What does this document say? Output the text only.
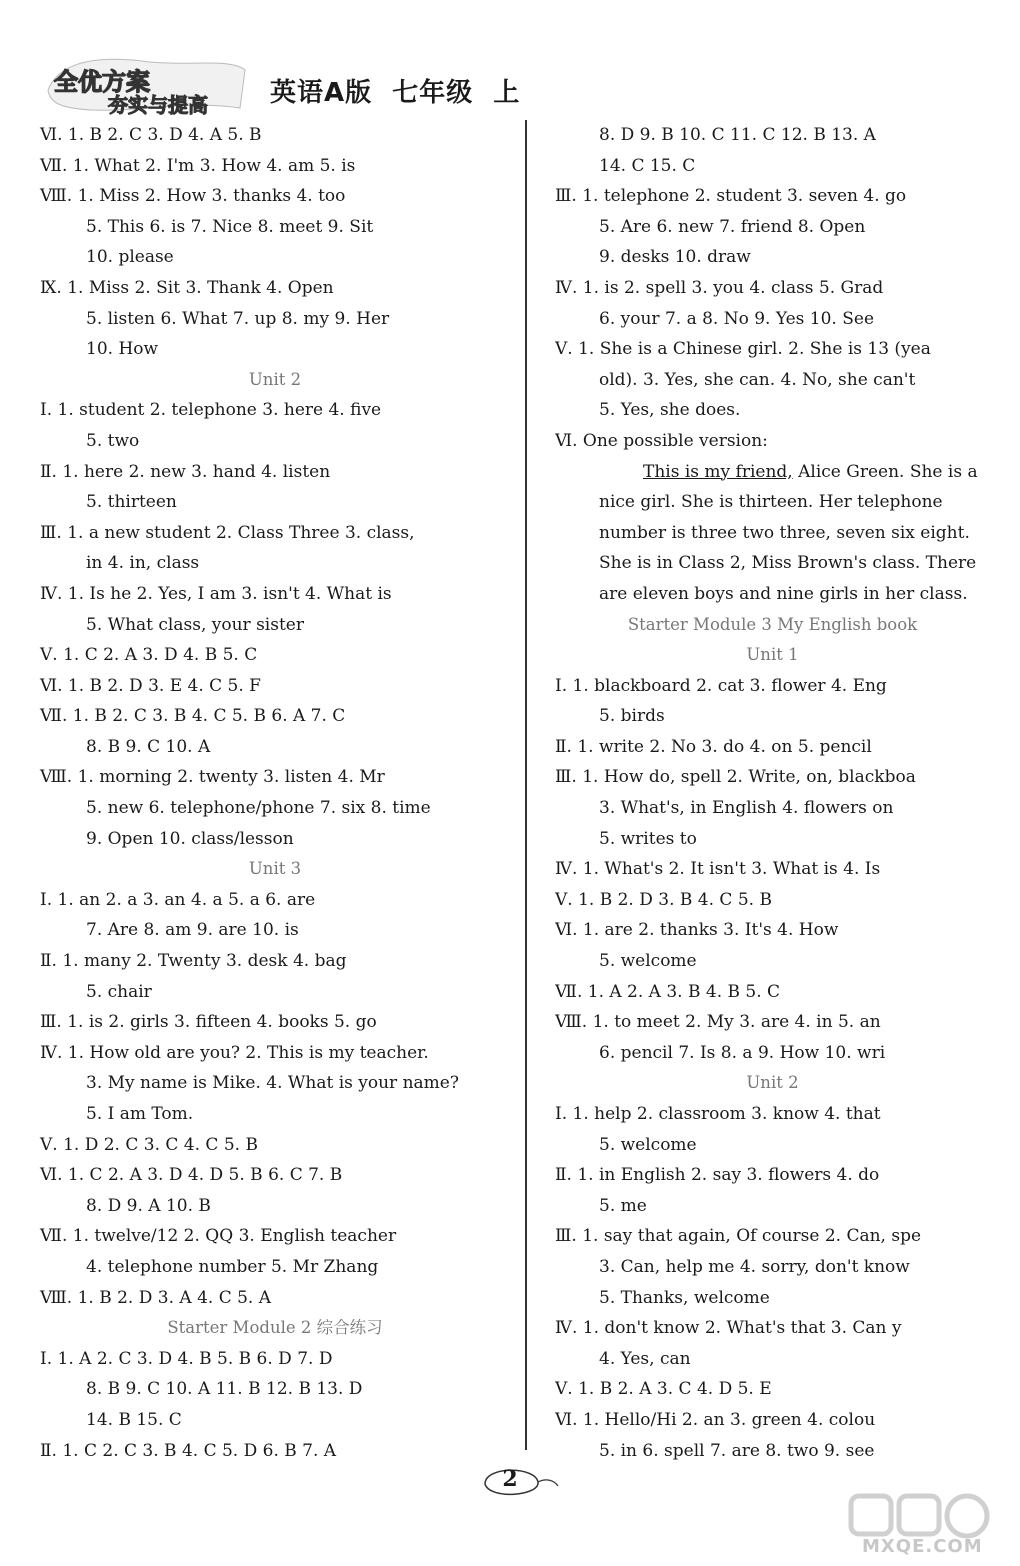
全优方案
夯实与提高 英语A版  七年级  上
Ⅵ. 1. B 2. C 3. D 4. A 5. B
Ⅶ. 1. What 2. I'm 3. How 4. am 5. is
Ⅷ. 1. Miss 2. How 3. thanks 4. too
5. This 6. is 7. Nice 8. meet 9. Sit
10. please
Ⅸ. 1. Miss 2. Sit 3. Thank 4. Open
5. listen 6. What 7. up 8. my 9. Her
10. How
Unit 2
Ⅰ. 1. student 2. telephone 3. here 4. five
5. two
Ⅱ. 1. here 2. new 3. hand 4. listen
5. thirteen
Ⅲ. 1. a new student 2. Class Three 3. class,
in 4. in, class
Ⅳ. 1. Is he 2. Yes, I am 3. isn't 4. What is
5. What class, your sister
Ⅴ. 1. C 2. A 3. D 4. B 5. C
Ⅵ. 1. B 2. D 3. E 4. C 5. F
Ⅶ. 1. B 2. C 3. B 4. C 5. B 6. A 7. C
8. B 9. C 10. A
Ⅷ. 1. morning 2. twenty 3. listen 4. Mr
5. new 6. telephone/phone 7. six 8. time
9. Open 10. class/lesson
Unit 3
Ⅰ. 1. an 2. a 3. an 4. a 5. a 6. are
7. Are 8. am 9. are 10. is
Ⅱ. 1. many 2. Twenty 3. desk 4. bag
5. chair
Ⅲ. 1. is 2. girls 3. fifteen 4. books 5. go
Ⅳ. 1. How old are you? 2. This is my teacher.
3. My name is Mike. 4. What is your name?
5. I am Tom.
Ⅴ. 1. D 2. C 3. C 4. C 5. B
Ⅵ. 1. C 2. A 3. D 4. D 5. B 6. C 7. B
8. D 9. A 10. B
Ⅶ. 1. twelve/12 2. QQ 3. English teacher
4. telephone number 5. Mr Zhang
Ⅷ. 1. B 2. D 3. A 4. C 5. A
Starter Module 2 综合练习
Ⅰ. 1. A 2. C 3. D 4. B 5. B 6. D 7. D
8. B 9. C 10. A 11. B 12. B 13. D
14. B 15. C
Ⅱ. 1. C 2. C 3. B 4. C 5. D 6. B 7. A
8. D 9. B 10. C 11. C 12. B 13. A
14. C 15. C
Ⅲ. 1. telephone 2. student 3. seven 4. go
5. Are 6. new 7. friend 8. Open
9. desks 10. draw
Ⅳ. 1. is 2. spell 3. you 4. class 5. Grad
6. your 7. a 8. No 9. Yes 10. See
Ⅴ. 1. She is a Chinese girl. 2. She is 13 (yea
old). 3. Yes, she can. 4. No, she can't
5. Yes, she does.
Ⅵ. One possible version:
This is my friend, Alice Green. She is a nice girl. She is thirteen. Her telephone number is three two three, seven six eight. She is in Class 2, Miss Brown's class. There are eleven boys and nine girls in her class.
Starter Module 3 My English book
Unit 1
Ⅰ. 1. blackboard 2. cat 3. flower 4. Eng
5. birds
Ⅱ. 1. write 2. No 3. do 4. on 5. pencil
Ⅲ. 1. How do, spell 2. Write, on, blackboa
3. What's, in English 4. flowers on
5. writes to
Ⅳ. 1. What's 2. It isn't 3. What is 4. Is
Ⅴ. 1. B 2. D 3. B 4. C 5. B
Ⅵ. 1. are 2. thanks 3. It's 4. How
5. welcome
Ⅶ. 1. A 2. A 3. B 4. B 5. C
Ⅷ. 1. to meet 2. My 3. are 4. in 5. an
6. pencil 7. Is 8. a 9. How 10. wri
Unit 2
Ⅰ. 1. help 2. classroom 3. know 4. that
5. welcome
Ⅱ. 1. in English 2. say 3. flowers 4. do
5. me
Ⅲ. 1. say that again, Of course 2. Can, spe
3. Can, help me 4. sorry, don't know
5. Thanks, welcome
Ⅳ. 1. don't know 2. What's that 3. Can y
4. Yes, can
Ⅴ. 1. B 2. A 3. C 4. D 5. E
Ⅵ. 1. Hello/Hi 2. an 3. green 4. colou
5. in 6. spell 7. are 8. two 9. see
2
MXQE.COM
